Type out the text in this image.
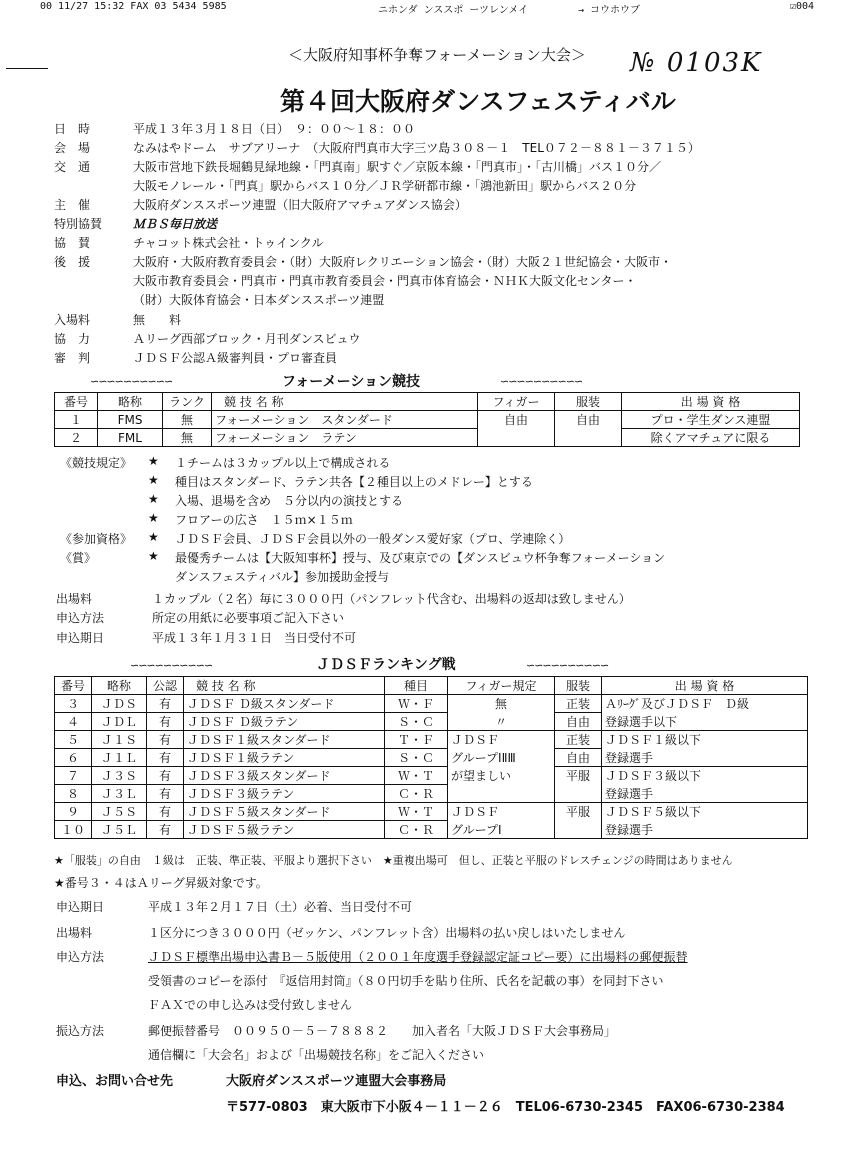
00 11/27 15:32 FAX 03 5434 5985	ニホンダ ンススポ ーツレンメイ	→ コウホウブ	☑004
＜大阪府知事杯争奪フォーメーション大会＞ № 0103K
第４回大阪府ダンスフェスティバル
日　時	平成１３年３月１８日（日）　９：００～１８：００
会　場	なみはやドーム　サブアリーナ　（大阪府門真市大字三ツ島３０８－１　TEL０７２－８８１－３７１５）
交　通	大阪市営地下鉄長堀鶴見緑地線・「門真南」駅すぐ／京阪本線・「門真市」・「古川橋」バス１０分／
大阪モノレール・「門真」駅からバス１０分／ＪＲ学研都市線・「鴻池新田」駅からバス２０分
主　催	大阪府ダンススポーツ連盟（旧大阪府アマチュアダンス協会）
特別協賛	ＭＢＳ毎日放送
協　賛	チャコット株式会社・トゥインクル
後　援	大阪府・大阪府教育委員会・（財）大阪府レクリエーション協会・（財）大阪２１世紀協会・大阪市・
大阪市教育委員会・門真市・門真市教育委員会・門真市体育協会・ＮＨＫ大阪文化センター・
（財）大阪体育協会・日本ダンススポーツ連盟
入場料	無　　料
協　力	Ａリーグ西部ブロック・月刊ダンスビュウ
審　判	ＪＤＳＦ公認Ａ級審判員・プロ審査員
∽∽∽∽∽∽∽∽∽∽	フォーメーション競技	∽∽∽∽∽∽∽∽∽∽
番号	略称	ランク	競 技 名 称	フィガー	服装	出 場 資 格
１	FMS	無	フォーメーション　スタンダード	自由	自由	プロ・学生ダンス連盟
２	FML	無	フォーメーション　ラテン			除くアマチュアに限る
《競技規定》 ★ １チームは３カップル以上で構成される
★ 種目はスタンダード、ラテン共各【２種目以上のメドレー】とする
★ 入場、退場を含め　５分以内の演技とする
★ フロアーの広さ　１５ｍ×１５ｍ
《参加資格》 ★ ＪＤＳＦ会員、ＪＤＳＦ会員以外の一般ダンス愛好家（プロ、学連除く）
《賞》	★ 最優秀チームは【大阪知事杯】授与、及び東京での【ダンスビュウ杯争奪フォーメーション
ダンスフェスティバル】参加援助金授与
出場料	１カップル（２名）毎に３０００円（パンフレット代含む、出場料の返却は致しません）
申込方法	所定の用紙に必要事項ご記入下さい
申込期日	平成１３年１月３１日　当日受付不可
∽∽∽∽∽∽∽∽∽∽	ＪＤＳＦランキング戦	∽∽∽∽∽∽∽∽∽∽
番号	略称	公認	競 技 名 称	種目	フィガー規定	服装	出 場 資 格
３	ＪＤＳ	有	ＪＤＳＦ Ｄ級スタンダード	Ｗ・Ｆ	無	正装	Ａﾘｰｸﾞ及びＪＤＳＦ　Ｄ級
４	ＪＤＬ	有	ＪＤＳＦ Ｄ級ラテン	Ｓ・Ｃ	〃	自由	登録選手以下
５	Ｊ１Ｓ	有	ＪＤＳＦ１級スタンダード	Ｔ・Ｆ	ＪＤＳＦ	正装	ＪＤＳＦ１級以下
６	Ｊ１Ｌ	有	ＪＤＳＦ１級ラテン	Ｓ・Ｃ	グループⅠⅡⅢ	自由	登録選手
７	Ｊ３Ｓ	有	ＪＤＳＦ３級スタンダード	Ｗ・Ｔ	が望ましい	平服	ＪＤＳＦ３級以下
８	Ｊ３Ｌ	有	ＪＤＳＦ３級ラテン	Ｃ・Ｒ			登録選手
９	Ｊ５Ｓ	有	ＪＤＳＦ５級スタンダード	Ｗ・Ｔ	ＪＤＳＦ	平服	ＪＤＳＦ５級以下
１０	Ｊ５Ｌ	有	ＪＤＳＦ５級ラテン	Ｃ・Ｒ	グループⅠ		登録選手
★「服装」の自由　１級は　正装、準正装、平服より選択下さい　★重複出場可　但し、正装と平服のドレスチェンジの時間はありません
★番号３・４はＡリーグ昇級対象です。
申込期日	平成１３年２月１７日（土）必着、当日受付不可
出場料	１区分につき３０００円（ゼッケン、パンフレット含）出場料の払い戻しはいたしません
申込方法	ＪＤＳＦ標準出場申込書Ｂ－５版使用（２００１年度選手登録認定証コピー要）に出場料の郵便振替
受領書のコピーを添付　『返信用封筒』（８０円切手を貼り住所、氏名を記載の事）を同封下さい
ＦＡＸでの申し込みは受付致しません
振込方法	郵便振替番号　００９５０－５－７８８８２　　加入者名「大阪ＪＤＳＦ大会事務局」
通信欄に「大会名」および「出場競技名称」をご記入ください
申込、お問い合せ先	大阪府ダンススポーツ連盟大会事務局
〒577-0803　東大阪市下小阪４－１１－２６　TEL06-6730-2345　FAX06-6730-2384
